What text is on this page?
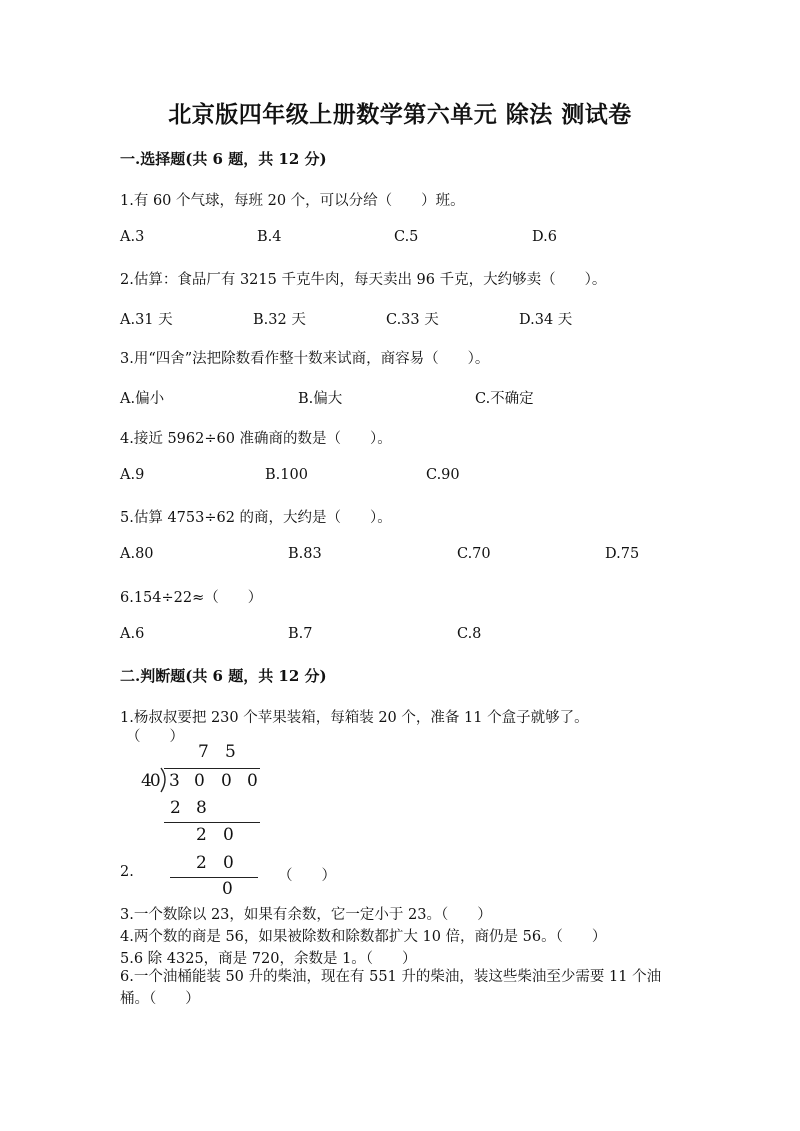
北京版四年级上册数学第六单元 除法 测试卷
一.选择题(共 6 题，共 12 分)
1.有 60 个气球，每班 20 个，可以分给（　　）班。
A.3	B.4	C.5	D.6
2.估算：食品厂有 3215 千克牛肉，每天卖出 96 千克，大约够卖（　　）。
A.31 天	B.32 天	C.33 天	D.34 天
3.用“四舍”法把除数看作整十数来试商，商容易（　　）。
A.偏小	B.偏大	C.不确定
4.接近 5962÷60 准确商的数是（　　）。
A.9	B.100	C.90
5.估算 4753÷62 的商，大约是（　　）。
A.80	B.83	C.70	D.75
6.154÷22≈（　　）
A.6	B.7	C.8
二.判断题(共 6 题，共 12 分)
1.杨叔叔要把 230 个苹果装箱，每箱装 20 个，准备 11 个盒子就够了。
（　　）
7 5
40 3 0 0 0
2 8
2 0
2 0
0
2.	（　　）
3.一个数除以 23，如果有余数，它一定小于 23。（　　）
4.两个数的商是 56，如果被除数和除数都扩大 10 倍，商仍是 56。（　　）
5.6 除 4325，商是 720，余数是 1。（　　）
6.一个油桶能装 50 升的柴油，现在有 551 升的柴油，装这些柴油至少需要 11 个油桶。（　　）
